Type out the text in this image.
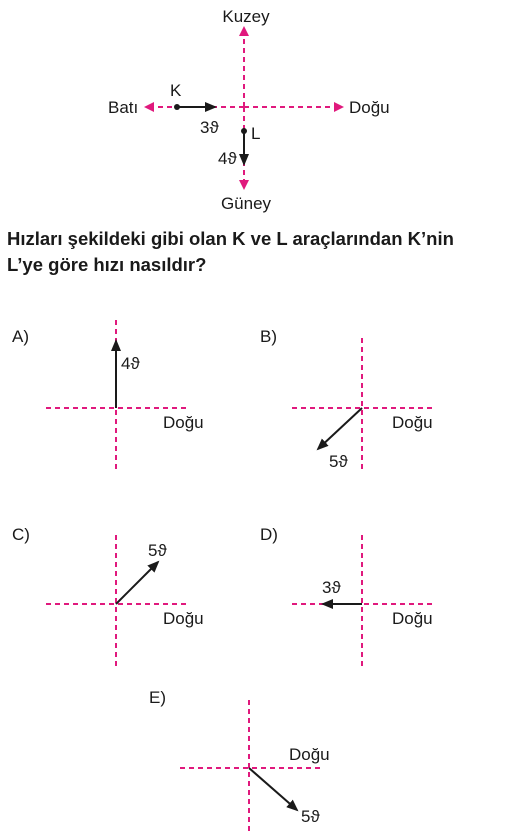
Kuzey
Güney
Batı	Doğu
K
3ϑ L
4ϑ
Hızları şekildeki gibi olan K ve L araçlarından K’nin
L’ye göre hızı nasıldır?
A)
4ϑ
Doğu
B)
5ϑ
Doğu
C)
5ϑ
Doğu
D)
3ϑ
Doğu
E)
5ϑ
Doğu
